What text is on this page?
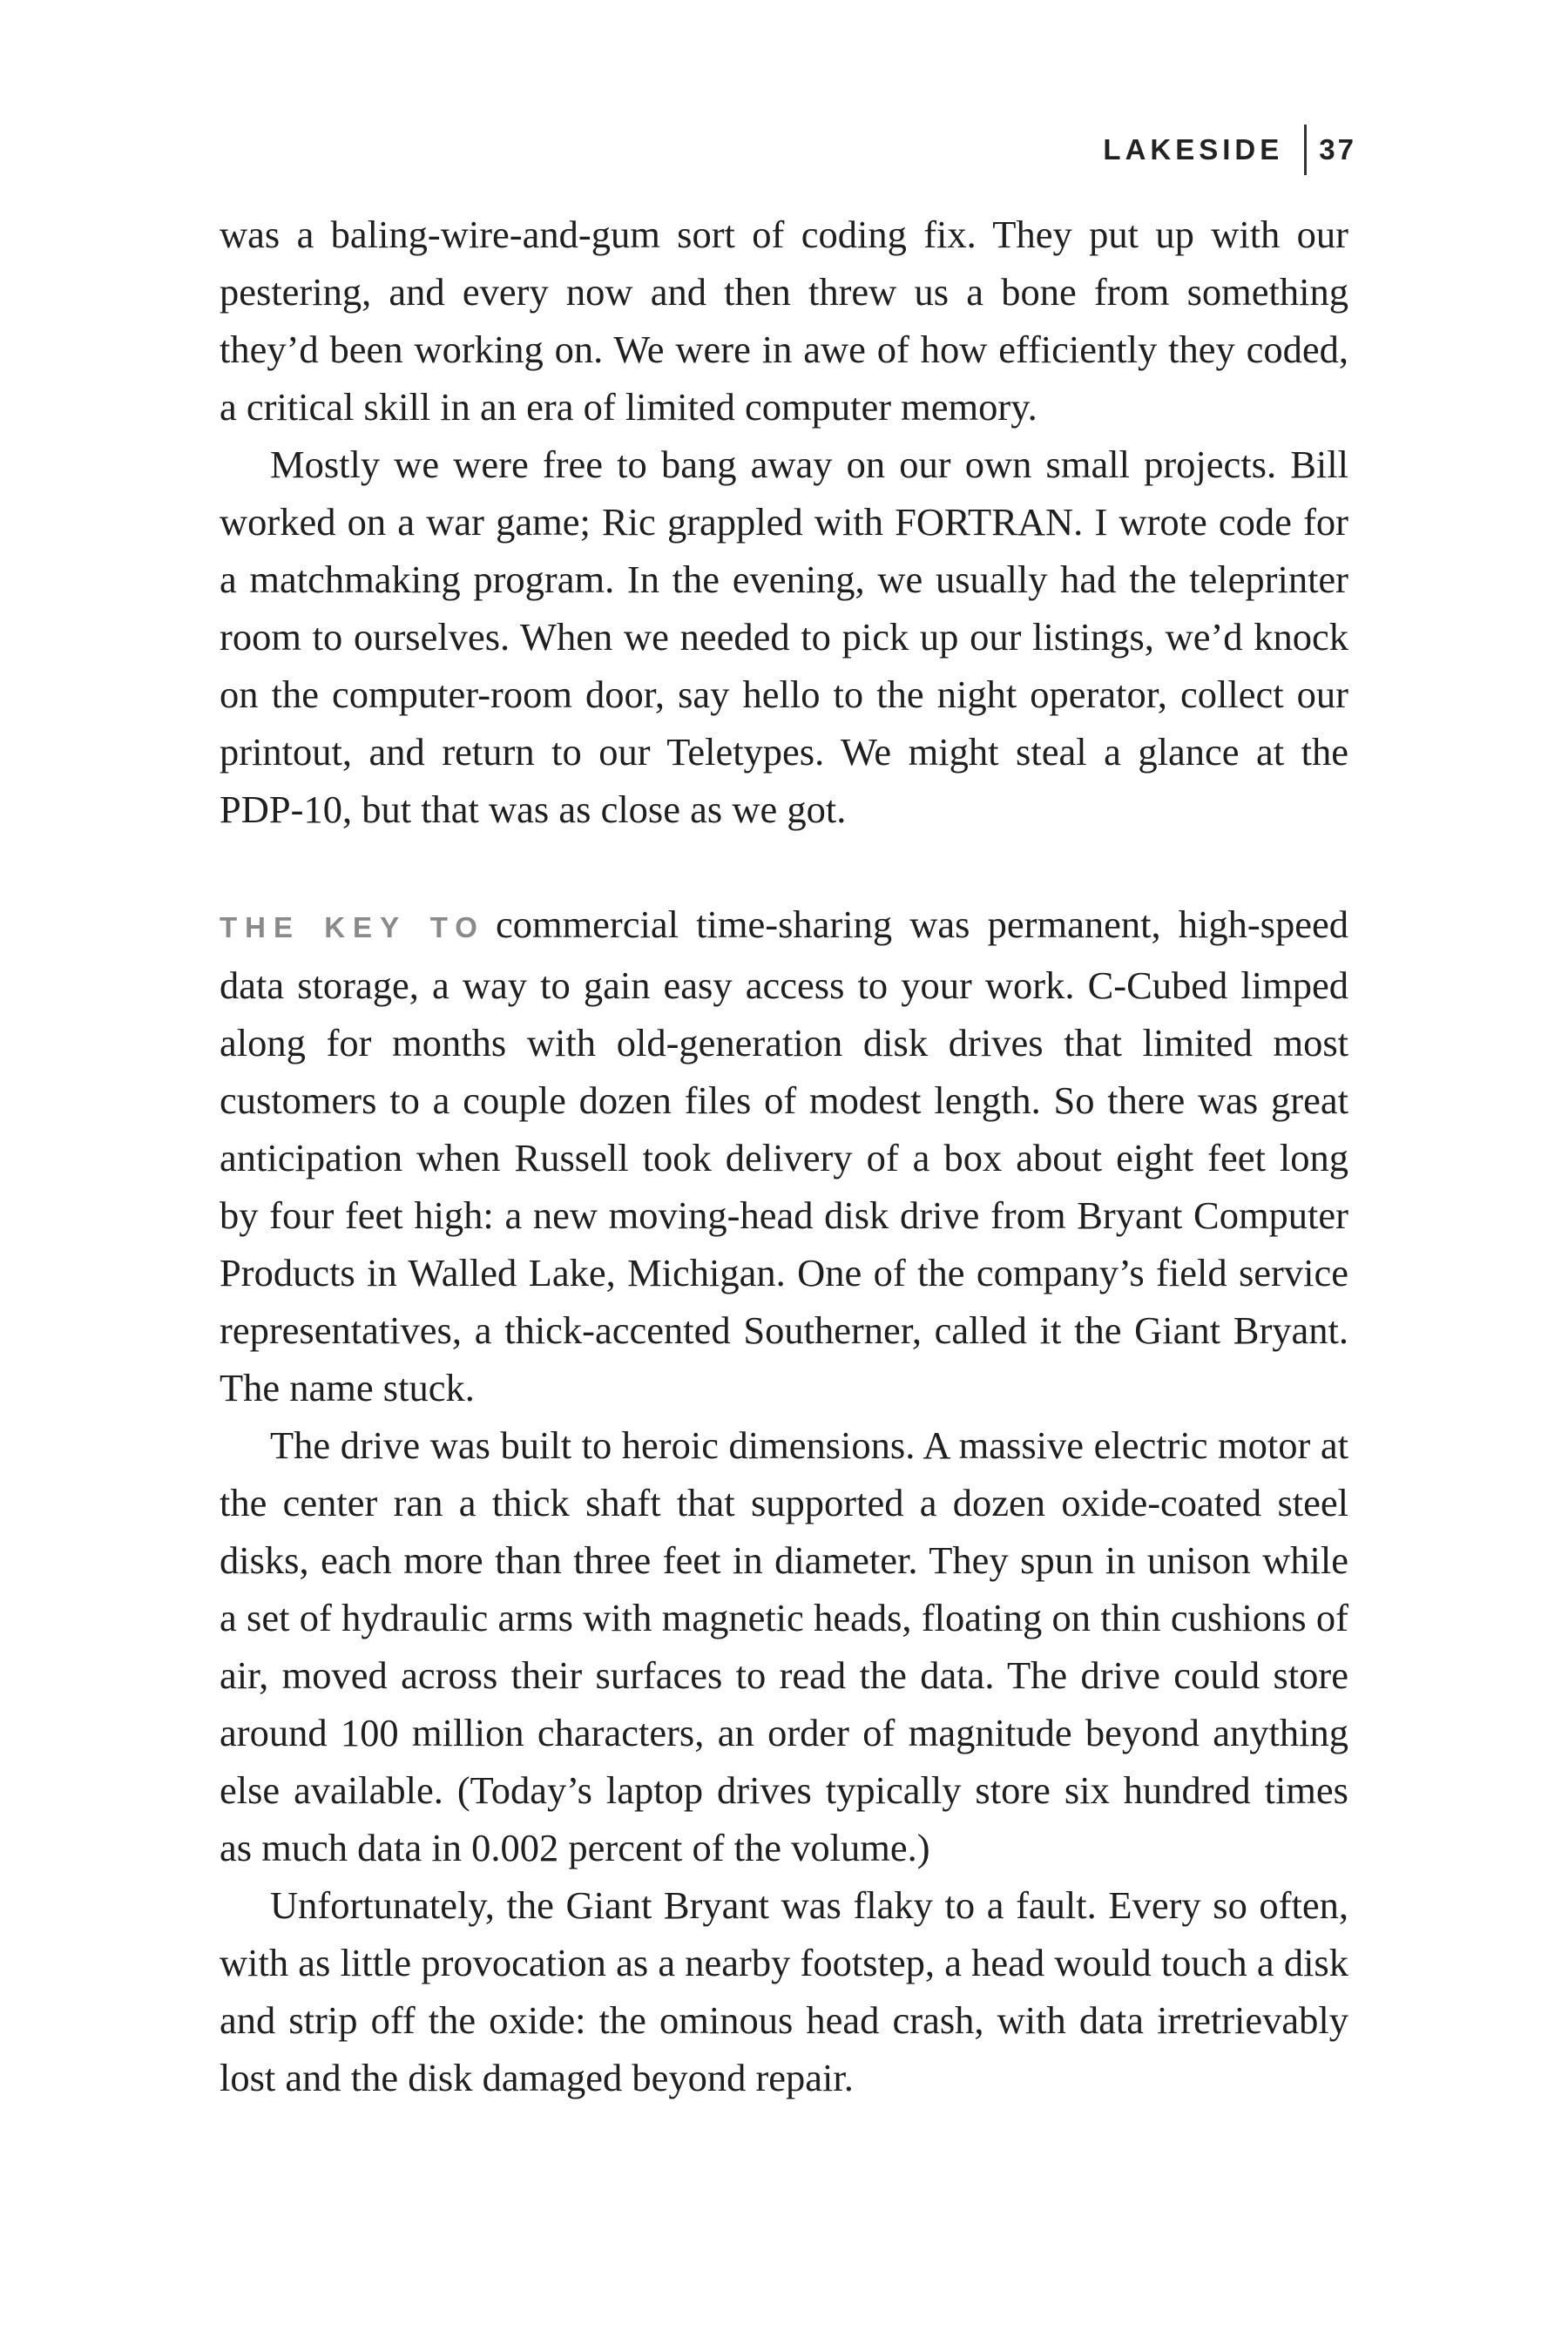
LAKESIDE 37

was a baling-wire-and-gum sort of coding fix. They put up with our pestering, and every now and then threw us a bone from something they’d been working on. We were in awe of how efficiently they coded, a critical skill in an era of limited computer memory.

Mostly we were free to bang away on our own small projects. Bill worked on a war game; Ric grappled with FORTRAN. I wrote code for a matchmaking program. In the evening, we usually had the teleprinter room to ourselves. When we needed to pick up our listings, we’d knock on the computer-room door, say hello to the night operator, collect our printout, and return to our Teletypes. We might steal a glance at the PDP-10, but that was as close as we got.

THE KEY TO commercial time-sharing was permanent, high-speed data storage, a way to gain easy access to your work. C-Cubed limped along for months with old-generation disk drives that limited most customers to a couple dozen files of modest length. So there was great anticipation when Russell took delivery of a box about eight feet long by four feet high: a new moving-head disk drive from Bryant Computer Products in Walled Lake, Michigan. One of the company’s field service representatives, a thick-accented Southerner, called it the Giant Bryant. The name stuck.

The drive was built to heroic dimensions. A massive electric motor at the center ran a thick shaft that supported a dozen oxide-coated steel disks, each more than three feet in diameter. They spun in unison while a set of hydraulic arms with magnetic heads, floating on thin cushions of air, moved across their surfaces to read the data. The drive could store around 100 million characters, an order of magnitude beyond anything else available. (Today’s laptop drives typically store six hundred times as much data in 0.002 percent of the volume.)

Unfortunately, the Giant Bryant was flaky to a fault. Every so often, with as little provocation as a nearby footstep, a head would touch a disk and strip off the oxide: the ominous head crash, with data irretrievably lost and the disk damaged beyond repair.
